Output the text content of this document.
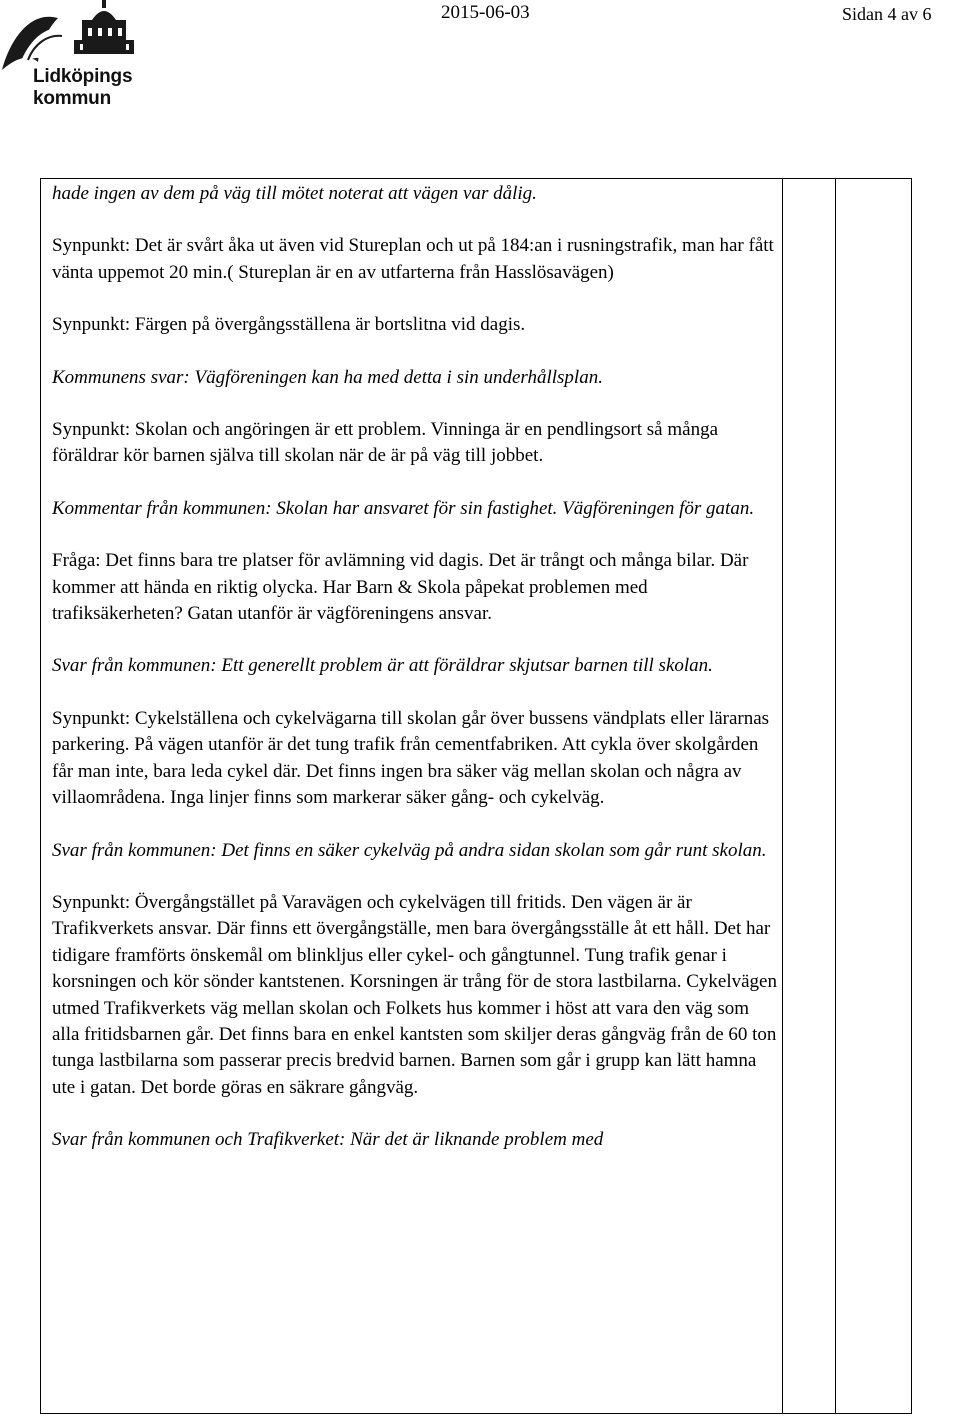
Lidköpings
kommun
2015-06-03	Sidan 4 av 6

hade ingen av dem på väg till mötet noterat att vägen var dålig.

Synpunkt: Det är svårt åka ut även vid Stureplan och ut på 184:an i rusningstrafik, man har fått vänta uppemot 20 min.( Stureplan är en av utfarterna från Hasslösavägen)

Synpunkt: Färgen på övergångsställena är bortslitna vid dagis.

Kommunens svar: Vägföreningen kan ha med detta i sin underhållsplan.

Synpunkt: Skolan och angöringen är ett problem. Vinninga är en pendlingsort så många föräldrar kör barnen själva till skolan när de är på väg till jobbet.

Kommentar från kommunen: Skolan har ansvaret för sin fastighet. Vägföreningen för gatan.

Fråga: Det finns bara tre platser för avlämning vid dagis. Det är trångt och många bilar. Där kommer att hända en riktig olycka. Har Barn & Skola påpekat problemen med trafiksäkerheten? Gatan utanför är vägföreningens ansvar.

Svar från kommunen: Ett generellt problem är att föräldrar skjutsar barnen till skolan.

Synpunkt: Cykelställena och cykelvägarna till skolan går över bussens vändplats eller lärarnas parkering. På vägen utanför är det tung trafik från cementfabriken. Att cykla över skolgården får man inte, bara leda cykel där. Det finns ingen bra säker väg mellan skolan och några av villaområdena. Inga linjer finns som markerar säker gång- och cykelväg.

Svar från kommunen: Det finns en säker cykelväg på andra sidan skolan som går runt skolan.

Synpunkt: Övergångstället på Varavägen och cykelvägen till fritids. Den vägen är är Trafikverkets ansvar. Där finns ett övergångställe, men bara övergångsställe åt ett håll. Det har tidigare framförts önskemål om blinkljus eller cykel- och gångtunnel. Tung trafik genar i korsningen och kör sönder kantstenen. Korsningen är trång för de stora lastbilarna. Cykelvägen utmed Trafikverkets väg mellan skolan och Folkets hus kommer i höst att vara den väg som alla fritidsbarnen går. Det finns bara en enkel kantsten som skiljer deras gångväg från de 60 ton tunga lastbilarna som passerar precis bredvid barnen. Barnen som går i grupp kan lätt hamna ute i gatan. Det borde göras en säkrare gångväg.

Svar från kommunen och Trafikverket: När det är liknande problem med
